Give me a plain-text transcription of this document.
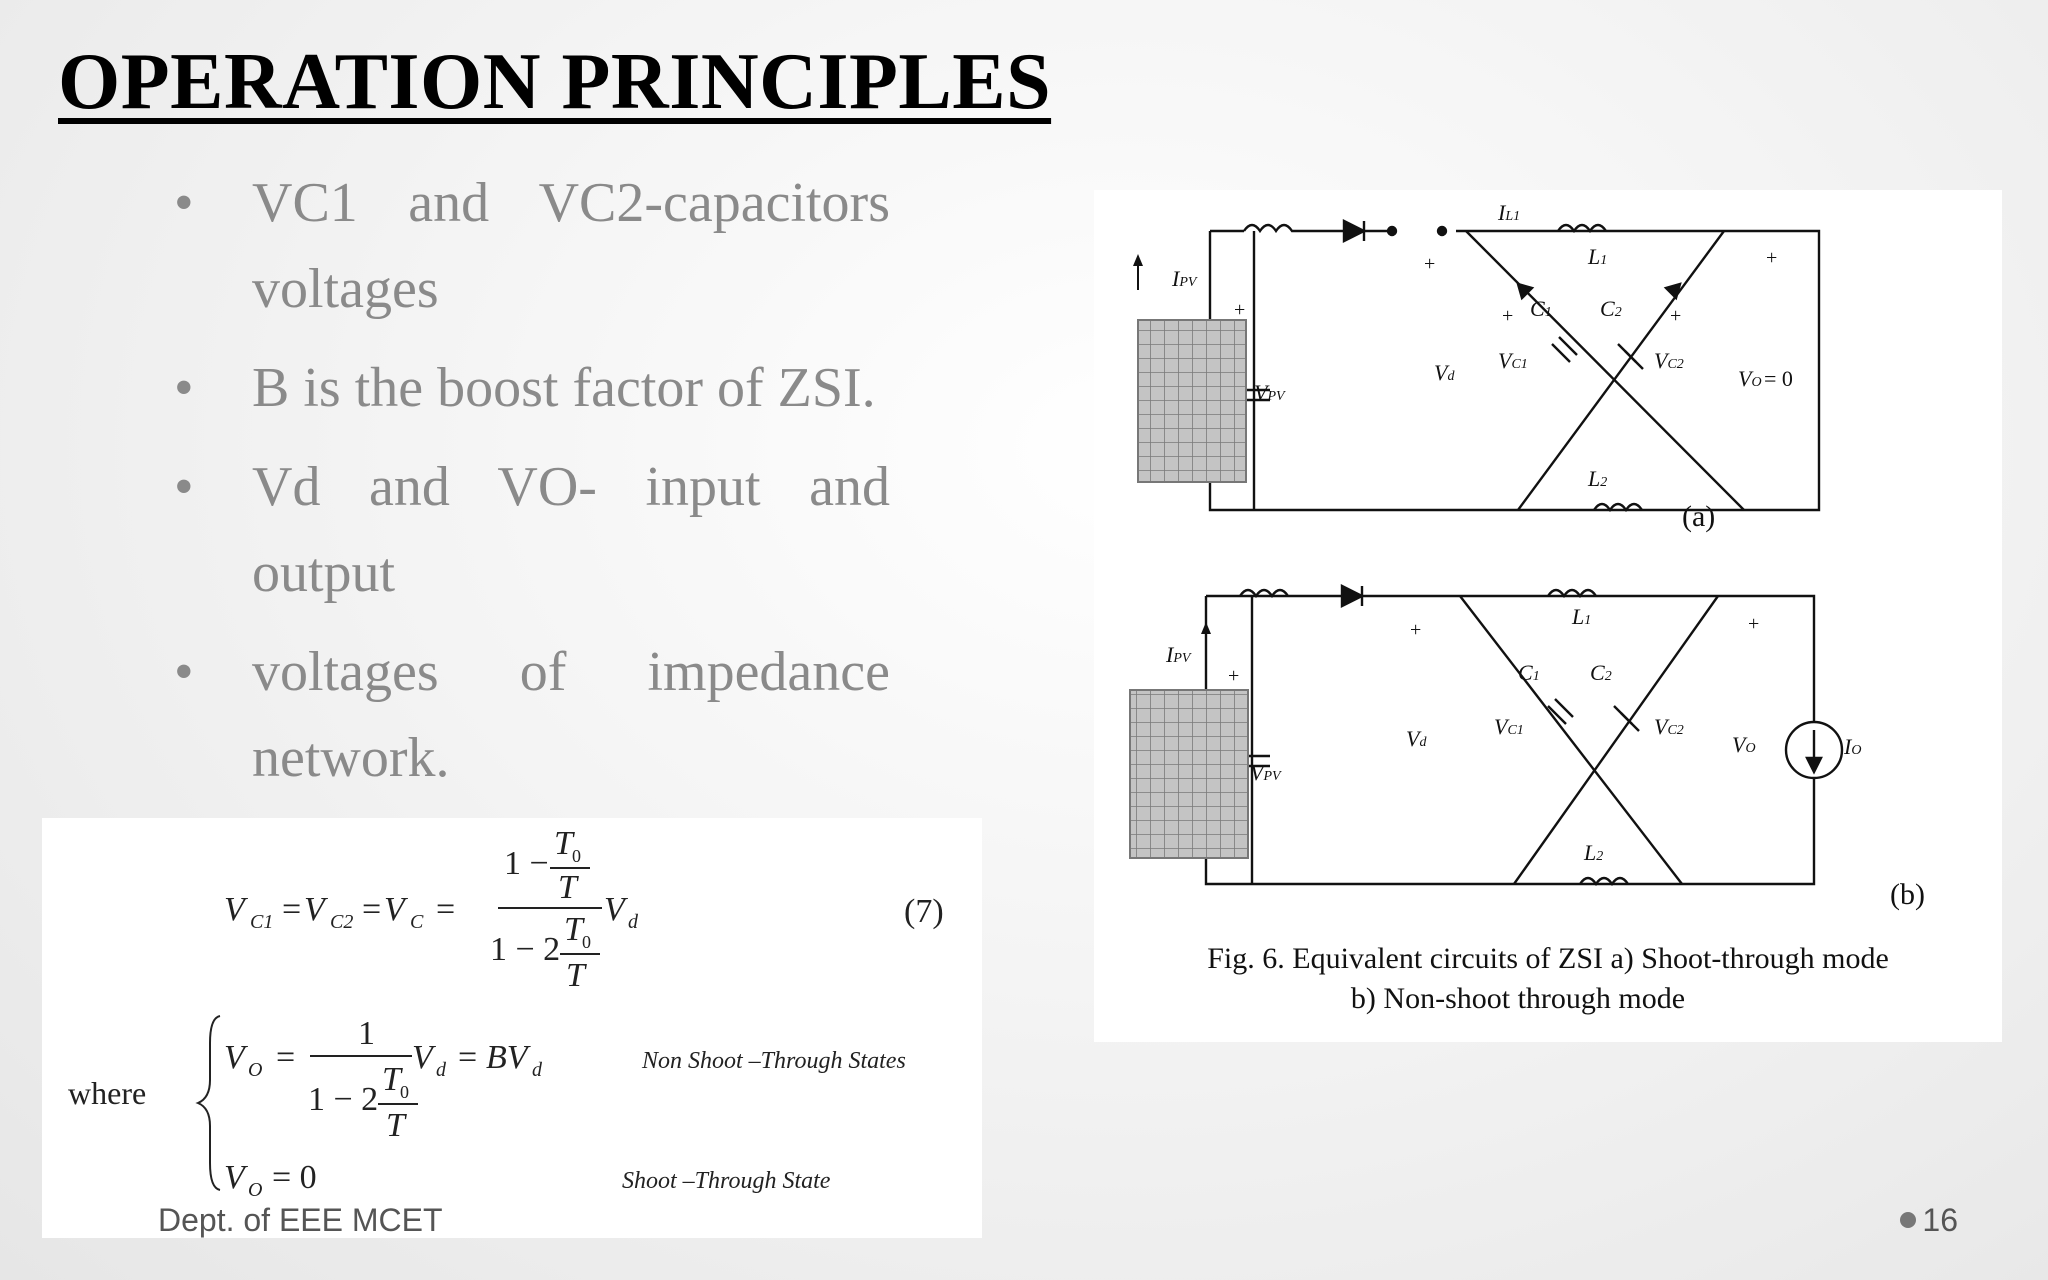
OPERATION PRINCIPLES
• VC1 and VC2-capacitors voltages
• B is the boost factor of ZSI.
• Vd and VO- input and output
• voltages of impedance network.
V C1 = V C2 = V C =
1 −
T 0
T
V d
1 − 2
T 0
T
(7)
where
V O =
1
V d = BV d
1 − 2
T 0
T
Non Shoot –Through States
V O = 0	Shoot –Through State
IPV
VPV
Vd
VC1	VC2
C1 C2
L1
IL1
L2
VO = 0
+
+	+
+	+
(a)
IPV
VPV
Vd
VC1	VC2
C1 C2
L1
L2
VO	IO
+
+	+
(b)
Fig. 6. Equivalent circuits of ZSI a) Shoot-through mode
b) Non-shoot through mode
Dept. of EEE MCET	16
